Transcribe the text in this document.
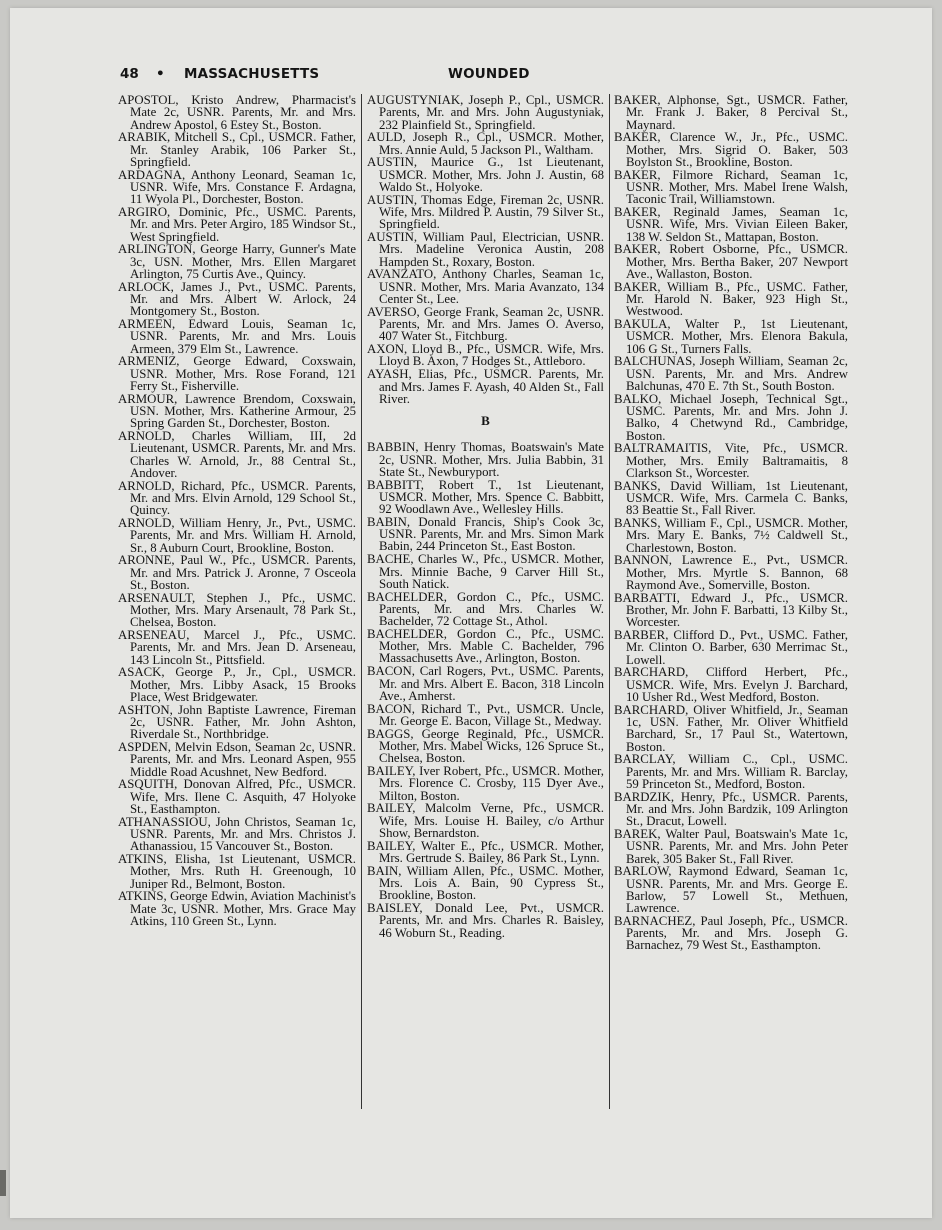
48 • MASSACHUSETTS	WOUNDED
APOSTOL, Kristo Andrew, Pharmacist's Mate 2c, USNR. Parents, Mr. and Mrs. Andrew Apostol, 6 Estey St., Boston.
ARABIK, Mitchell S., Cpl., USMCR. Father, Mr. Stanley Arabik, 106 Parker St., Springfield.
ARDAGNA, Anthony Leonard, Seaman 1c, USNR. Wife, Mrs. Constance F. Ardagna, 11 Wyola Pl., Dorchester, Boston.
ARGIRO, Dominic, Pfc., USMC. Parents, Mr. and Mrs. Peter Argiro, 185 Windsor St., West Springfield.
ARLINGTON, George Harry, Gunner's Mate 3c, USN. Mother, Mrs. Ellen Margaret Arlington, 75 Curtis Ave., Quincy.
ARLOCK, James J., Pvt., USMC. Parents, Mr. and Mrs. Albert W. Arlock, 24 Montgomery St., Boston.
ARMEEN, Edward Louis, Seaman 1c, USNR. Parents, Mr. and Mrs. Louis Armeen, 379 Elm St., Lawrence.
ARMENIZ, George Edward, Coxswain, USNR. Mother, Mrs. Rose Forand, 121 Ferry St., Fisherville.
ARMOUR, Lawrence Brendom, Coxswain, USN. Mother, Mrs. Katherine Armour, 25 Spring Garden St., Dorchester, Boston.
ARNOLD, Charles William, III, 2d Lieutenant, USMCR. Parents, Mr. and Mrs. Charles W. Arnold, Jr., 88 Central St., Andover.
ARNOLD, Richard, Pfc., USMCR. Parents, Mr. and Mrs. Elvin Arnold, 129 School St., Quincy.
ARNOLD, William Henry, Jr., Pvt., USMC. Parents, Mr. and Mrs. William H. Arnold, Sr., 8 Auburn Court, Brookline, Boston.
ARONNE, Paul W., Pfc., USMCR. Parents, Mr. and Mrs. Patrick J. Aronne, 7 Osceola St., Boston.
ARSENAULT, Stephen J., Pfc., USMC. Mother, Mrs. Mary Arsenault, 78 Park St., Chelsea, Boston.
ARSENEAU, Marcel J., Pfc., USMC. Parents, Mr. and Mrs. Jean D. Arseneau, 143 Lincoln St., Pittsfield.
ASACK, George P., Jr., Cpl., USMCR. Mother, Mrs. Libby Asack, 15 Brooks Place, West Bridgewater.
ASHTON, John Baptiste Lawrence, Fireman 2c, USNR. Father, Mr. John Ashton, Riverdale St., Northbridge.
ASPDEN, Melvin Edson, Seaman 2c, USNR. Parents, Mr. and Mrs. Leonard Aspen, 955 Middle Road Acushnet, New Bedford.
ASQUITH, Donovan Alfred, Pfc., USMCR. Wife, Mrs. Ilene C. Asquith, 47 Holyoke St., Easthampton.
ATHANASSIOU, John Christos, Seaman 1c, USNR. Parents, Mr. and Mrs. Christos J. Athanassiou, 15 Vancouver St., Boston.
ATKINS, Elisha, 1st Lieutenant, USMCR. Mother, Mrs. Ruth H. Greenough, 10 Juniper Rd., Belmont, Boston.
ATKINS, George Edwin, Aviation Machinist's Mate 3c, USNR. Mother, Mrs. Grace May Atkins, 110 Green St., Lynn.
AUGUSTYNIAK, Joseph P., Cpl., USMCR. Parents, Mr. and Mrs. John Augustyniak, 232 Plainfield St., Springfield.
AULD, Joseph R., Cpl., USMCR. Mother, Mrs. Annie Auld, 5 Jackson Pl., Waltham.
AUSTIN, Maurice G., 1st Lieutenant, USMCR. Mother, Mrs. John J. Austin, 68 Waldo St., Holyoke.
AUSTIN, Thomas Edge, Fireman 2c, USNR. Wife, Mrs. Mildred P. Austin, 79 Silver St., Springfield.
AUSTIN, William Paul, Electrician, USNR. Mrs. Madeline Veronica Austin, 208 Hampden St., Roxary, Boston.
AVANZATO, Anthony Charles, Seaman 1c, USNR. Mother, Mrs. Maria Avanzato, 134 Center St., Lee.
AVERSO, George Frank, Seaman 2c, USNR. Parents, Mr. and Mrs. James O. Averso, 407 Water St., Fitchburg.
AXON, Lloyd B., Pfc., USMCR. Wife, Mrs. Lloyd B. Axon, 7 Hodges St., Attleboro.
AYASH, Elias, Pfc., USMCR. Parents, Mr. and Mrs. James F. Ayash, 40 Alden St., Fall River.
B
BABBIN, Henry Thomas, Boatswain's Mate 2c, USNR. Mother, Mrs. Julia Babbin, 31 State St., Newburyport.
BABBITT, Robert T., 1st Lieutenant, USMCR. Mother, Mrs. Spence C. Babbitt, 92 Woodlawn Ave., Wellesley Hills.
BABIN, Donald Francis, Ship's Cook 3c, USNR. Parents, Mr. and Mrs. Simon Mark Babin, 244 Princeton St., East Boston.
BACHE, Charles W., Pfc., USMCR. Mother, Mrs. Minnie Bache, 9 Carver Hill St., South Natick.
BACHELDER, Gordon C., Pfc., USMC. Parents, Mr. and Mrs. Charles W. Bachelder, 72 Cottage St., Athol.
BACHELDER, Gordon C., Pfc., USMC. Mother, Mrs. Mable C. Bachelder, 796 Massachusetts Ave., Arlington, Boston.
BACON, Carl Rogers, Pvt., USMC. Parents, Mr. and Mrs. Albert E. Bacon, 318 Lincoln Ave., Amherst.
BACON, Richard T., Pvt., USMCR. Uncle, Mr. George E. Bacon, Village St., Medway.
BAGGS, George Reginald, Pfc., USMCR. Mother, Mrs. Mabel Wicks, 126 Spruce St., Chelsea, Boston.
BAILEY, Iver Robert, Pfc., USMCR. Mother, Mrs. Florence C. Crosby, 115 Dyer Ave., Milton, Boston.
BAILEY, Malcolm Verne, Pfc., USMCR. Wife, Mrs. Louise H. Bailey, c/o Arthur Show, Bernardston.
BAILEY, Walter E., Pfc., USMCR. Mother, Mrs. Gertrude S. Bailey, 86 Park St., Lynn.
BAIN, William Allen, Pfc., USMC. Mother, Mrs. Lois A. Bain, 90 Cypress St., Brookline, Boston.
BAISLEY, Donald Lee, Pvt., USMCR. Parents, Mr. and Mrs. Charles R. Baisley, 46 Woburn St., Reading.
BAKER, Alphonse, Sgt., USMCR. Father, Mr. Frank J. Baker, 8 Percival St., Maynard.
BAKER, Clarence W., Jr., Pfc., USMC. Mother, Mrs. Sigrid O. Baker, 503 Boylston St., Brookline, Boston.
BAKER, Filmore Richard, Seaman 1c, USNR. Mother, Mrs. Mabel Irene Walsh, Taconic Trail, Williamstown.
BAKER, Reginald James, Seaman 1c, USNR. Wife, Mrs. Vivian Eileen Baker, 138 W. Seldon St., Mattapan, Boston.
BAKER, Robert Osborne, Pfc., USMCR. Mother, Mrs. Bertha Baker, 207 Newport Ave., Wallaston, Boston.
BAKER, William B., Pfc., USMC. Father, Mr. Harold N. Baker, 923 High St., Westwood.
BAKULA, Walter P., 1st Lieutenant, USMCR. Mother, Mrs. Elenora Bakula, 106 G St., Turners Falls.
BALCHUNAS, Joseph William, Seaman 2c, USN. Parents, Mr. and Mrs. Andrew Balchunas, 470 E. 7th St., South Boston.
BALKO, Michael Joseph, Technical Sgt., USMC. Parents, Mr. and Mrs. John J. Balko, 4 Chetwynd Rd., Cambridge, Boston.
BALTRAMAITIS, Vite, Pfc., USMCR. Mother, Mrs. Emily Baltramaitis, 8 Clarkson St., Worcester.
BANKS, David William, 1st Lieutenant, USMCR. Wife, Mrs. Carmela C. Banks, 83 Beattie St., Fall River.
BANKS, William F., Cpl., USMCR. Mother, Mrs. Mary E. Banks, 7½ Caldwell St., Charlestown, Boston.
BANNON, Lawrence E., Pvt., USMCR. Mother, Mrs. Myrtle S. Bannon, 68 Raymond Ave., Somerville, Boston.
BARBATTI, Edward J., Pfc., USMCR. Brother, Mr. John F. Barbatti, 13 Kilby St., Worcester.
BARBER, Clifford D., Pvt., USMC. Father, Mr. Clinton O. Barber, 630 Merrimac St., Lowell.
BARCHARD, Clifford Herbert, Pfc., USMCR. Wife, Mrs. Evelyn J. Barchard, 10 Usher Rd., West Medford, Boston.
BARCHARD, Oliver Whitfield, Jr., Seaman 1c, USN. Father, Mr. Oliver Whitfield Barchard, Sr., 17 Paul St., Watertown, Boston.
BARCLAY, William C., Cpl., USMC. Parents, Mr. and Mrs. William R. Barclay, 59 Princeton St., Medford, Boston.
BARDZIK, Henry, Pfc., USMCR. Parents, Mr. and Mrs. John Bardzik, 109 Arlington St., Dracut, Lowell.
BAREK, Walter Paul, Boatswain's Mate 1c, USNR. Parents, Mr. and Mrs. John Peter Barek, 305 Baker St., Fall River.
BARLOW, Raymond Edward, Seaman 1c, USNR. Parents, Mr. and Mrs. George E. Barlow, 57 Lowell St., Methuen, Lawrence.
BARNACHEZ, Paul Joseph, Pfc., USMCR. Parents, Mr. and Mrs. Joseph G. Barnachez, 79 West St., Easthampton.
